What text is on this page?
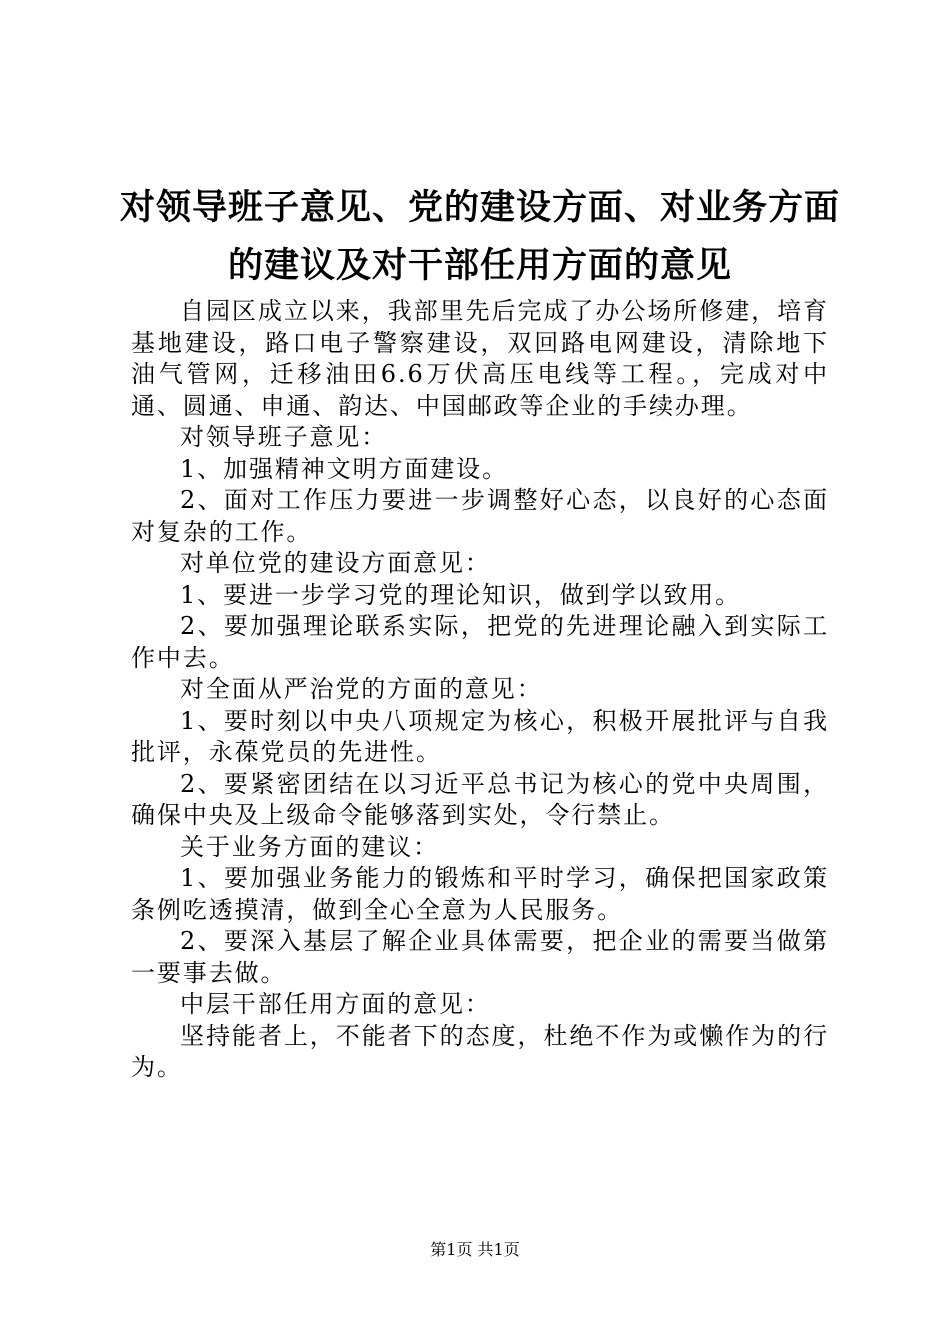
对领导班子意见、党的建设方面、对业务方面
的建议及对干部任用方面的意见

自园区成立以来，我部里先后完成了办公场所修建，培育基地建设，路口电子警察建设，双回路电网建设，清除地下油气管网，迁移油田6.6万伏高压电线等工程。，完成对中通、圆通、申通、韵达、中国邮政等企业的手续办理。

对领导班子意见：

1、加强精神文明方面建设。

2、面对工作压力要进一步调整好心态，以良好的心态面对复杂的工作。

对单位党的建设方面意见：

1、要进一步学习党的理论知识，做到学以致用。

2、要加强理论联系实际，把党的先进理论融入到实际工作中去。

对全面从严治党的方面的意见：

1、要时刻以中央八项规定为核心，积极开展批评与自我批评，永葆党员的先进性。

2、要紧密团结在以习近平总书记为核心的党中央周围，确保中央及上级命令能够落到实处，令行禁止。

关于业务方面的建议：

1、要加强业务能力的锻炼和平时学习，确保把国家政策条例吃透摸清，做到全心全意为人民服务。

2、要深入基层了解企业具体需要，把企业的需要当做第一要事去做。

中层干部任用方面的意见：

坚持能者上，不能者下的态度，杜绝不作为或懒作为的行为。

第1页 共1页
